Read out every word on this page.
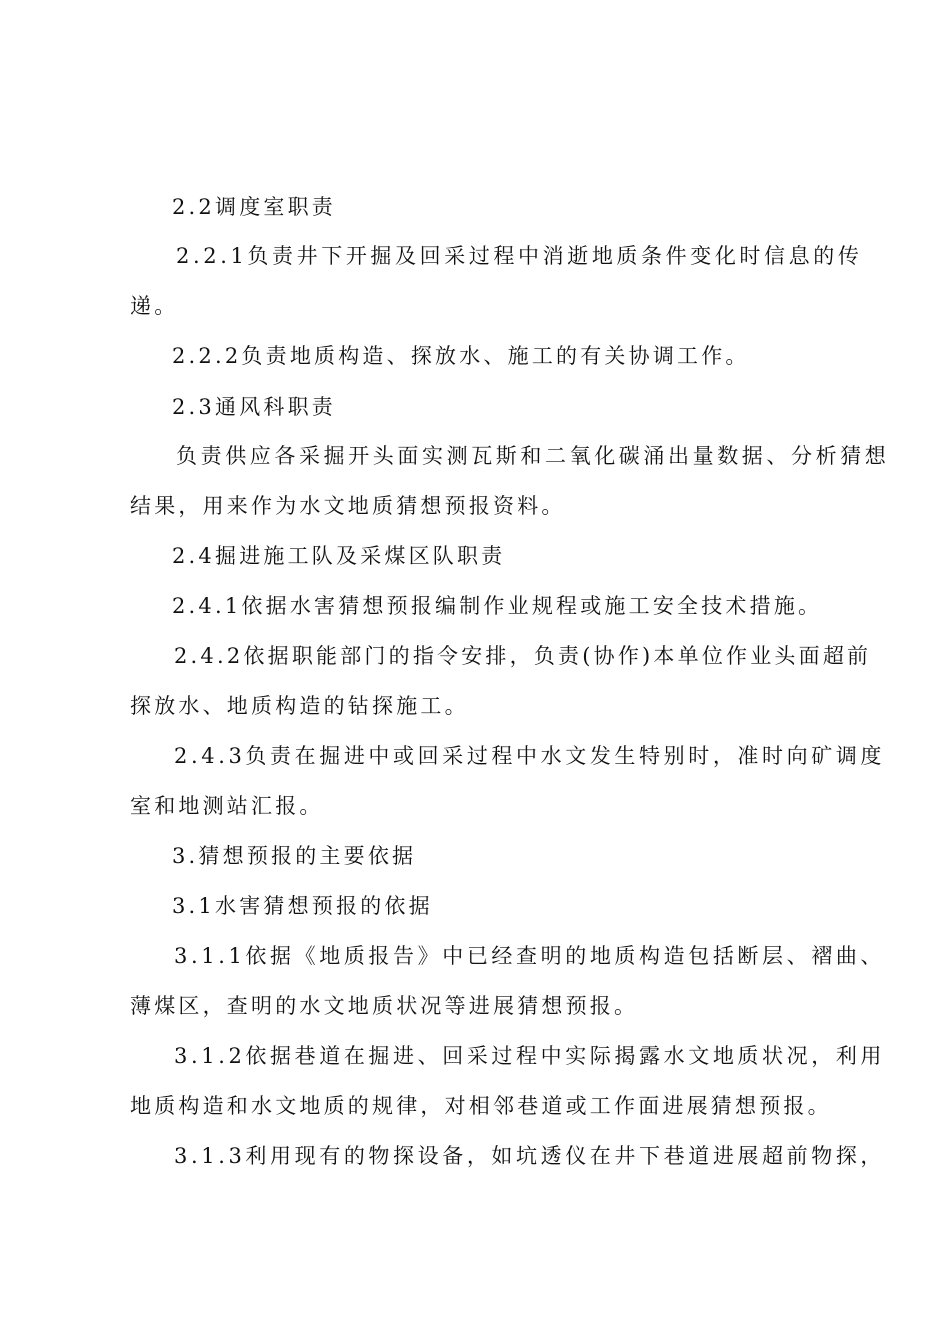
2.2调度室职责
2.2.1负责井下开掘及回采过程中消逝地质条件变化时信息的传
递。
2.2.2负责地质构造、探放水、施工的有关协调工作。
2.3通风科职责
负责供应各采掘开头面实测瓦斯和二氧化碳涌出量数据、分析猜想
结果，用来作为水文地质猜想预报资料。
2.4掘进施工队及采煤区队职责
2.4.1依据水害猜想预报编制作业规程或施工安全技术措施。
2.4.2依据职能部门的指令安排，负责(协作)本单位作业头面超前
探放水、地质构造的钻探施工。
2.4.3负责在掘进中或回采过程中水文发生特别时，准时向矿调度
室和地测站汇报。
3.猜想预报的主要依据
3.1水害猜想预报的依据
3.1.1依据《地质报告》中已经查明的地质构造包括断层、褶曲、
薄煤区，查明的水文地质状况等进展猜想预报。
3.1.2依据巷道在掘进、回采过程中实际揭露水文地质状况，利用
地质构造和水文地质的规律，对相邻巷道或工作面进展猜想预报。
3.1.3利用现有的物探设备，如坑透仪在井下巷道进展超前物探，
